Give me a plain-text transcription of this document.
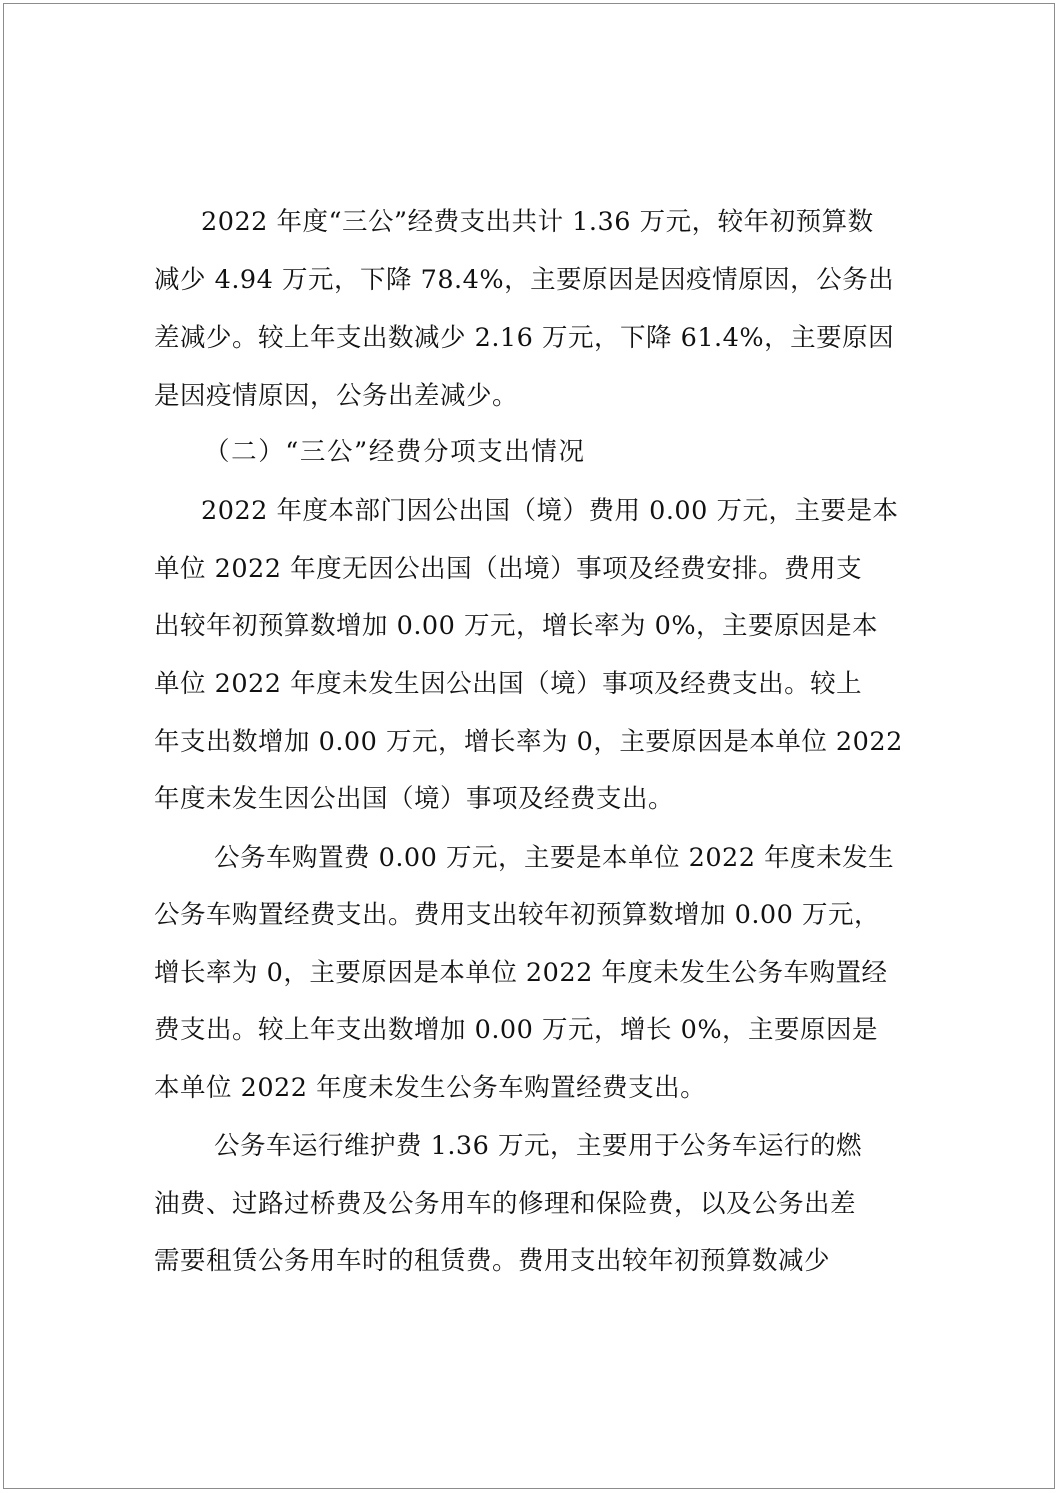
2022 年度“三公”经费支出共计 1.36 万元，较年初预算数
减少 4.94 万元，下降 78.4%，主要原因是因疫情原因，公务出
差减少。较上年支出数减少 2.16 万元，下降 61.4%，主要原因
是因疫情原因，公务出差减少。
（二）“三公”经费分项支出情况
2022 年度本部门因公出国（境）费用 0.00 万元，主要是本
单位 2022 年度无因公出国（出境）事项及经费安排。费用支
出较年初预算数增加 0.00 万元，增长率为 0%，主要原因是本
单位 2022 年度未发生因公出国（境）事项及经费支出。较上
年支出数增加 0.00 万元，增长率为 0，主要原因是本单位 2022
年度未发生因公出国（境）事项及经费支出。
公务车购置费 0.00 万元，主要是本单位 2022 年度未发生
公务车购置经费支出。费用支出较年初预算数增加 0.00 万元，
增长率为 0，主要原因是本单位 2022 年度未发生公务车购置经
费支出。较上年支出数增加 0.00 万元，增长 0%，主要原因是
本单位 2022 年度未发生公务车购置经费支出。
公务车运行维护费 1.36 万元，主要用于公务车运行的燃
油费、过路过桥费及公务用车的修理和保险费，以及公务出差
需要租赁公务用车时的租赁费。费用支出较年初预算数减少
